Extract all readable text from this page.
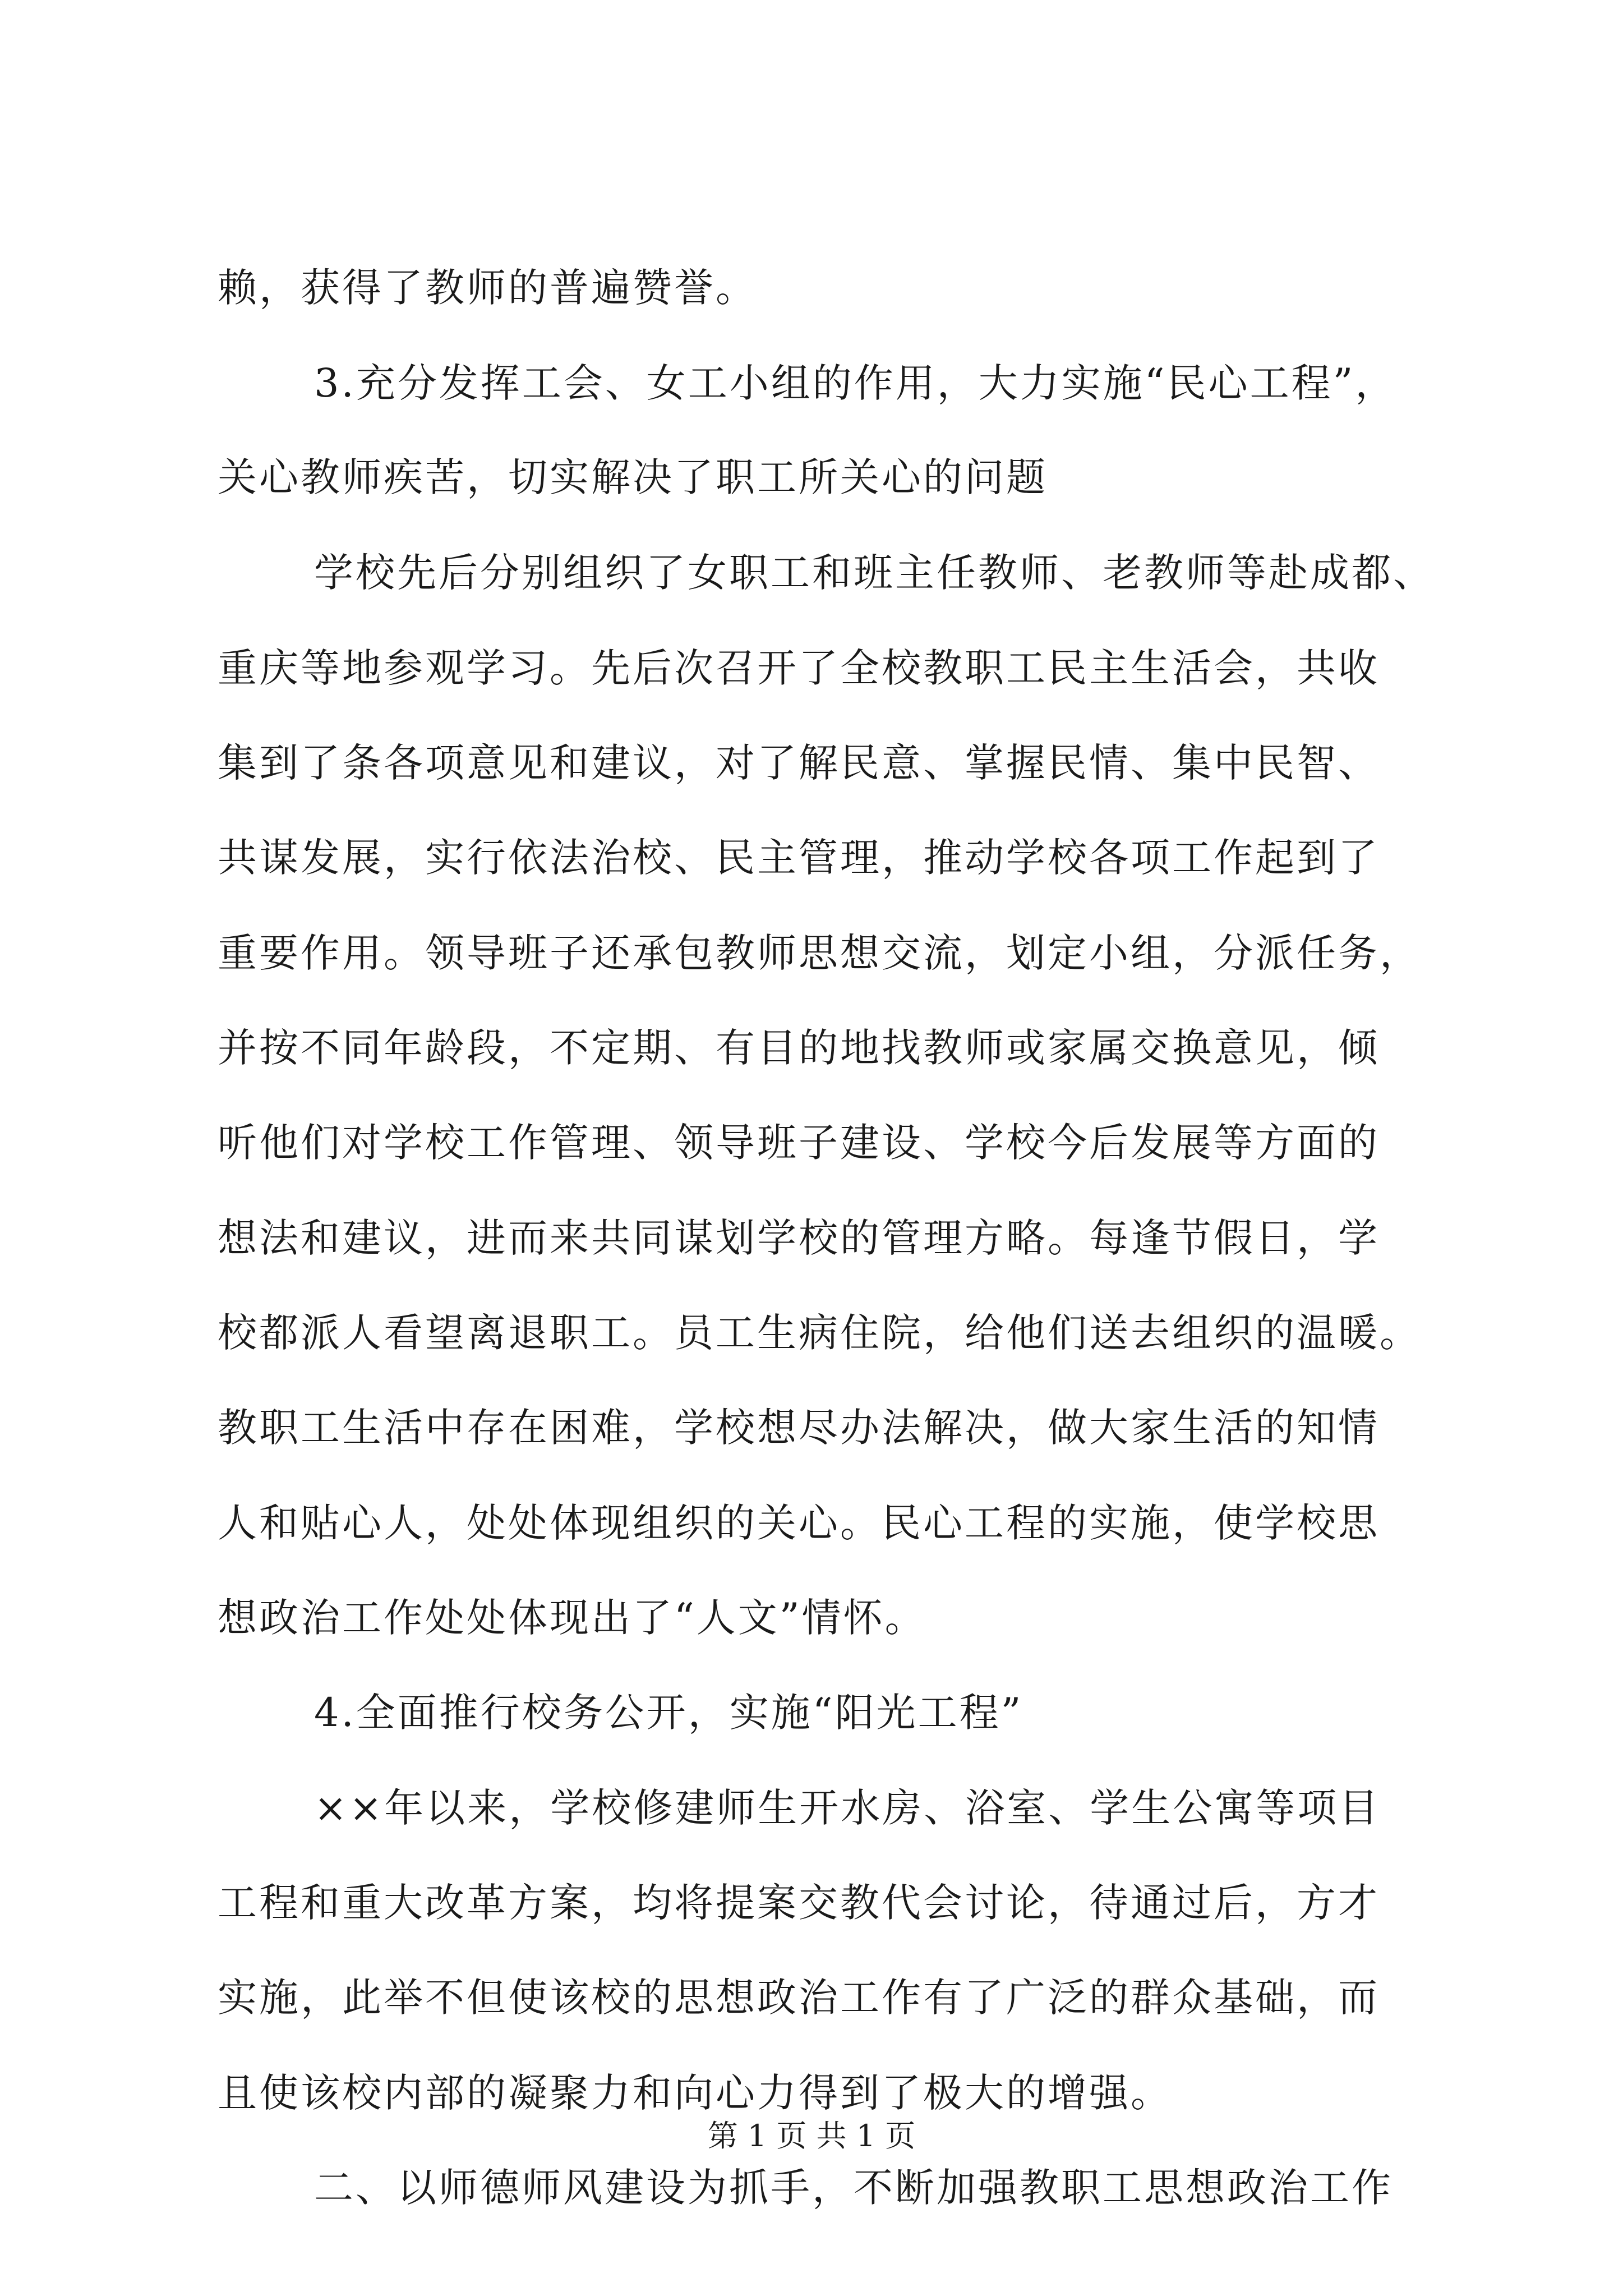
赖，获得了教师的普遍赞誉。
3.充分发挥工会、女工小组的作用，大力实施“民心工程”，
关心教师疾苦，切实解决了职工所关心的问题
学校先后分别组织了女职工和班主任教师、老教师等赴成都、
重庆等地参观学习。先后次召开了全校教职工民主生活会，共收
集到了条各项意见和建议，对了解民意、掌握民情、集中民智、
共谋发展，实行依法治校、民主管理，推动学校各项工作起到了
重要作用。领导班子还承包教师思想交流，划定小组，分派任务，
并按不同年龄段，不定期、有目的地找教师或家属交换意见，倾
听他们对学校工作管理、领导班子建设、学校今后发展等方面的
想法和建议，进而来共同谋划学校的管理方略。每逢节假日，学
校都派人看望离退职工。员工生病住院，给他们送去组织的温暖。
教职工生活中存在困难，学校想尽办法解决，做大家生活的知情
人和贴心人，处处体现组织的关心。民心工程的实施，使学校思
想政治工作处处体现出了“人文”情怀。
4.全面推行校务公开，实施“阳光工程”
××年以来，学校修建师生开水房、浴室、学生公寓等项目
工程和重大改革方案，均将提案交教代会讨论，待通过后，方才
实施，此举不但使该校的思想政治工作有了广泛的群众基础，而
且使该校内部的凝聚力和向心力得到了极大的增强。
二、以师德师风建设为抓手，不断加强教职工思想政治工作
第 1 页 共 1 页
